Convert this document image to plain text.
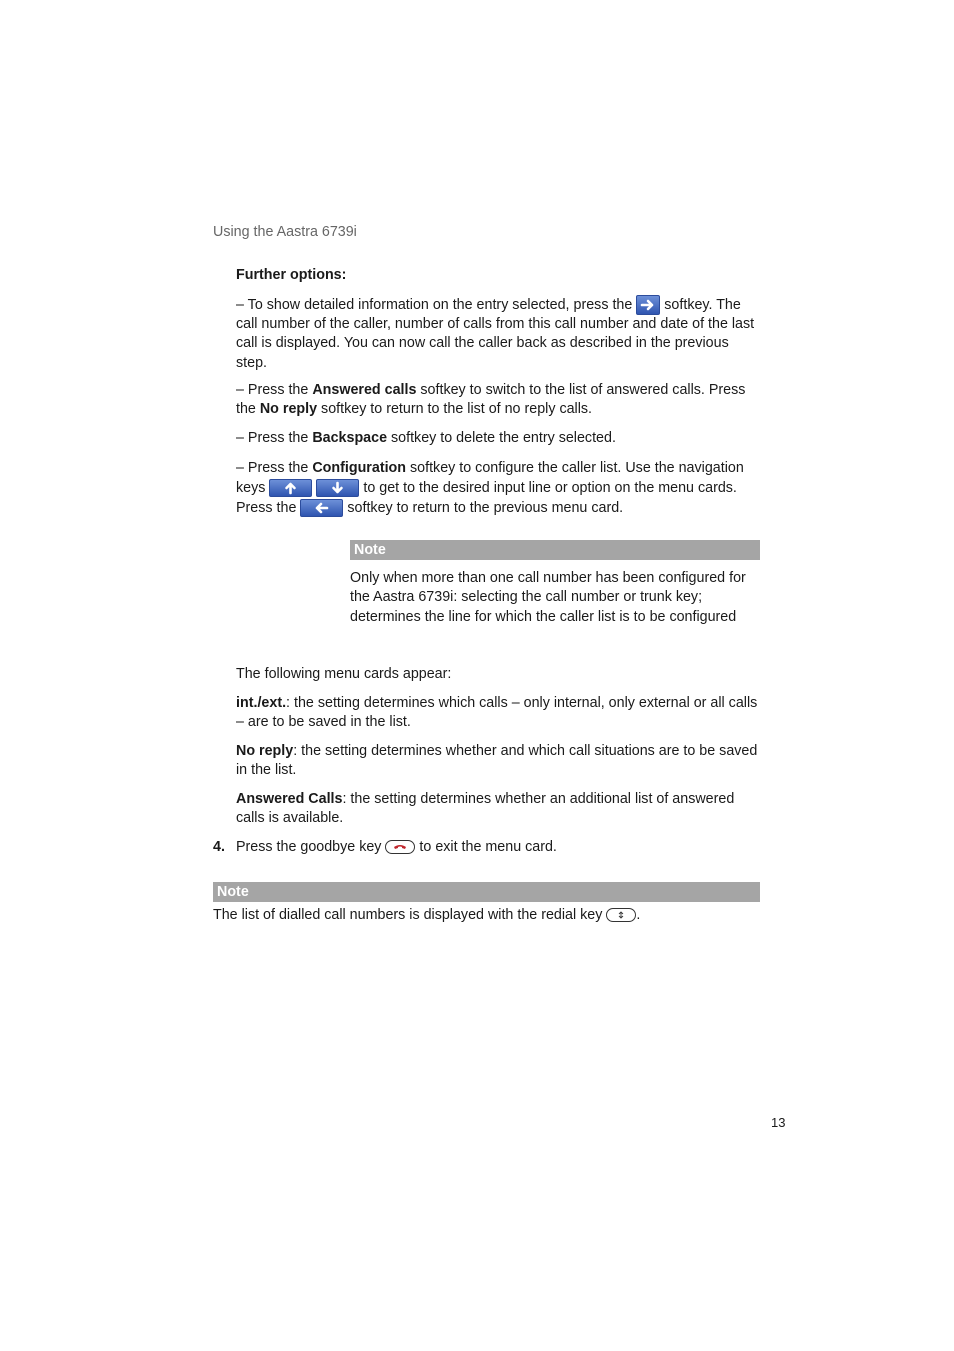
Using the Aastra 6739i

Further options:

– To show detailed information on the entry selected, press the softkey. The call number of the caller, number of calls from this call number and date of the last call is displayed. You can now call the caller back as described in the previous step.

– Press the Answered calls softkey to switch to the list of answered calls. Press the No reply softkey to return to the list of no reply calls.

– Press the Backspace softkey to delete the entry selected.

– Press the Configuration softkey to configure the caller list. Use the navigation keys
	to get to the desired input line or option on the menu cards. Press the	softkey to return to the previous menu card.

Note

Only when more than one call number has been configured for the Aastra 6739i: selecting the call number or trunk key; determines the line for which the caller list is to be configured

The following menu cards appear:

int./ext.: the setting determines which calls – only internal, only external or all calls – are to be saved in the list.

No reply: the setting determines whether and which call situations are to be saved in the list.

Answered Calls: the setting determines whether an additional list of answered calls is available.

4. Press the goodbye key	to exit the menu card.

Note

The list of dialled call numbers is displayed with the redial key .

13
